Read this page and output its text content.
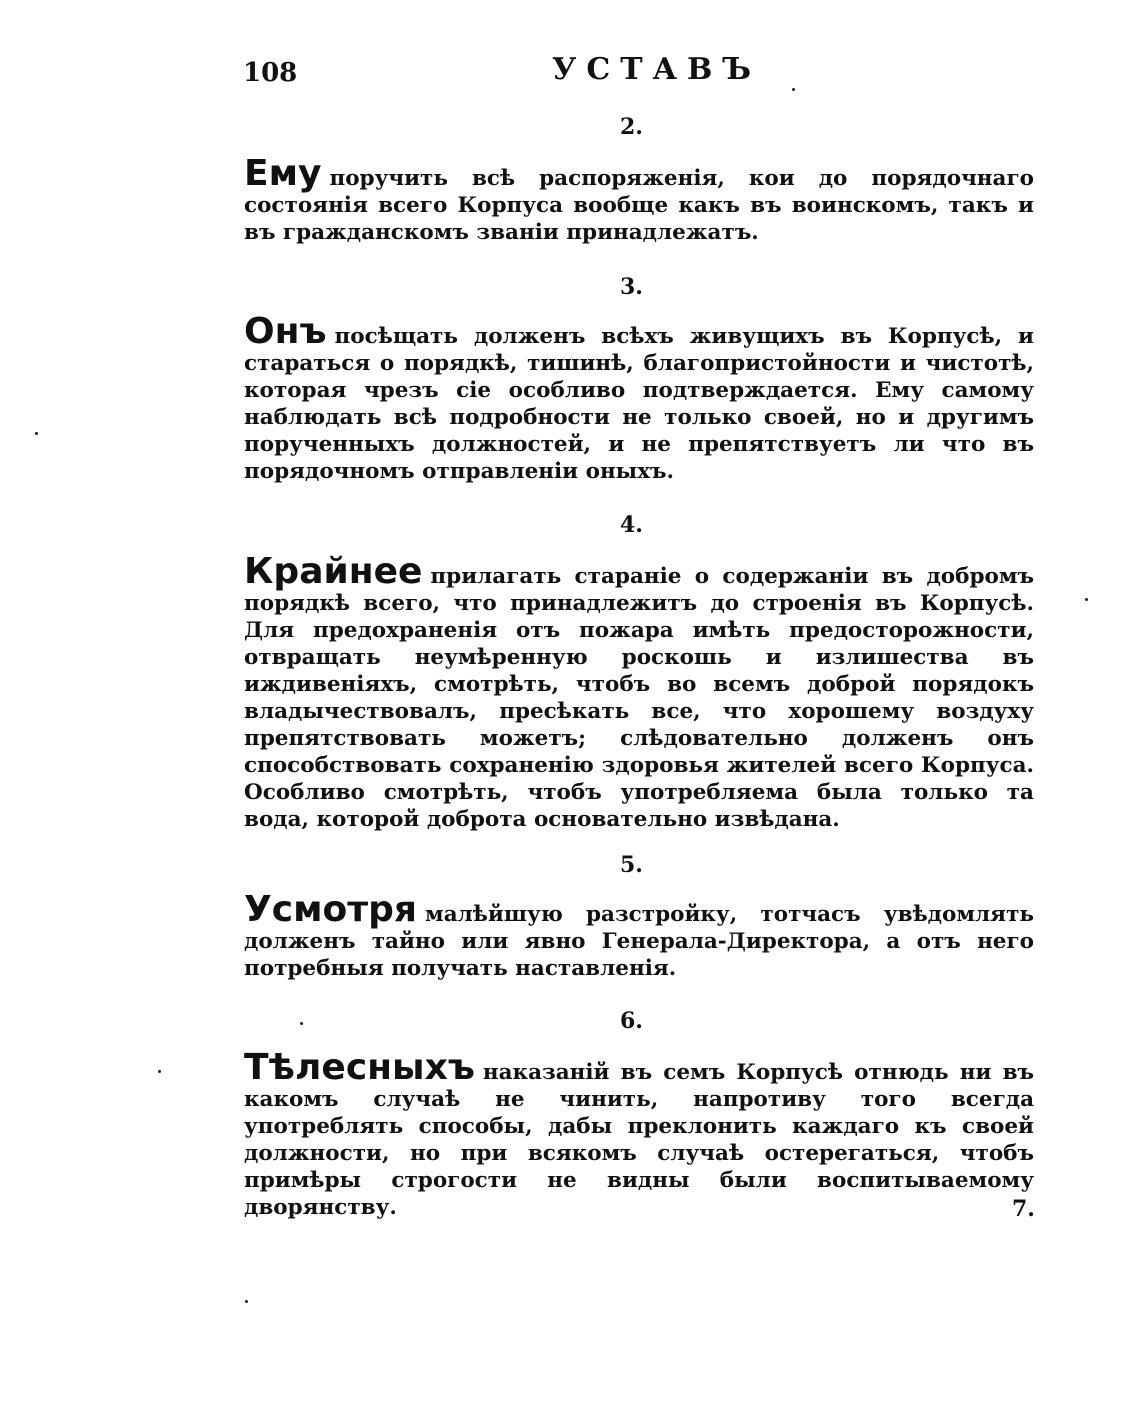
108	УСТАВЪ
2.
Ему поручить всѣ распоряженія, кои до порядочнаго состоянія всего Корпуса вообще какъ въ воинскомъ, такъ и въ гражданскомъ званіи принадлежатъ.
3.
Онъ посѣщать долженъ всѣхъ живущихъ въ Корпусѣ, и стараться о порядкѣ, тишинѣ, благопристойности и чистотѣ, которая чрезъ сіе особливо подтверждается. Ему самому наблюдать всѣ подробности не только своей, но и другимъ порученныхъ должностей, и не препятствуетъ ли что въ порядочномъ отправленіи оныхъ.
4.
Крайнее прилагать стараніе о содержаніи въ добромъ порядкѣ всего, что принадлежитъ до строенія въ Корпусѣ. Для предохраненія отъ пожара имѣть предосторожности, отвращать неумѣренную роскошь и излишества въ иждивеніяхъ, смотрѣть, чтобъ во всемъ доброй порядокъ владычествовалъ, пресѣкать все, что хорошему воздуху препятствовать можетъ; слѣдовательно долженъ онъ способствовать сохраненію здоровья жителей всего Корпуса. Особливо смотрѣть, чтобъ употребляема была только та вода, которой доброта основательно извѣдана.
5.
Усмотря малѣйшую разстройку, тотчасъ увѣдомлять долженъ тайно или явно Генерала-Директора, а отъ него потребныя получать наставленія.
6.
Тѣлесныхъ наказаній въ семъ Корпусѣ отнюдь ни въ какомъ случаѣ не чинить, напротиву того всегда употреблять способы, дабы преклонить каждаго къ своей должности, но при всякомъ случаѣ остерегаться, чтобъ примѣры строгости не видны были воспитываемому дворянству.	7.
